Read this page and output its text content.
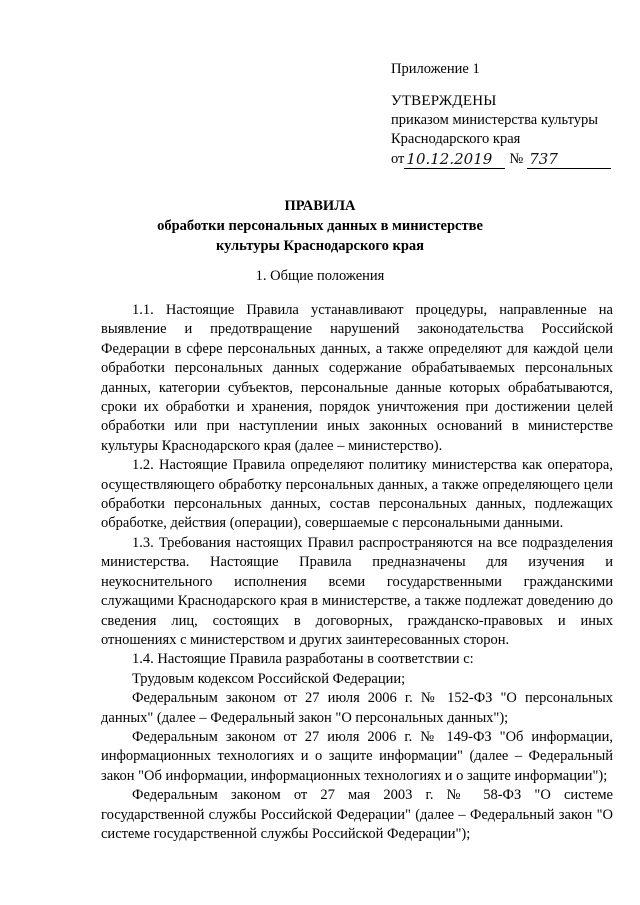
Приложение 1
УТВЕРЖДЕНЫ
приказом министерства культуры
Краснодарского края
от 10.12.2019	№ 737
ПРАВИЛА
обработки персональных данных в министерстве
культуры Краснодарского края
1. Общие положения

1.1. Настоящие Правила устанавливают процедуры, направленные на выявление и предотвращение нарушений законодательства Российской Федерации в сфере персональных данных, а также определяют для каждой цели обработки персональных данных содержание обрабатываемых персональных данных, категории субъектов, персональные данные которых обрабатываются, сроки их обработки и хранения, порядок уничтожения при достижении целей обработки или при наступлении иных законных оснований в министерстве культуры Краснодарского края (далее – министерство).

1.2. Настоящие Правила определяют политику министерства как оператора, осуществляющего обработку персональных данных, а также определяющего цели обработки персональных данных, состав персональных данных, подлежащих обработке, действия (операции), совершаемые с персональными данными.

1.3. Требования настоящих Правил распространяются на все подразделения министерства. Настоящие Правила предназначены для изучения и неукоснительного исполнения всеми государственными гражданскими служащими Краснодарского края в министерстве, а также подлежат доведению до сведения лиц, состоящих в договорных, гражданско-правовых и иных отношениях с министерством и других заинтересованных сторон.

1.4. Настоящие Правила разработаны в соответствии с:

Трудовым кодексом Российской Федерации;

Федеральным законом от 27 июля 2006 г. № 152-ФЗ "О персональных данных" (далее – Федеральный закон "О персональных данных");

Федеральным законом от 27 июля 2006 г. № 149-ФЗ "Об информации, информационных технологиях и о защите информации" (далее – Федеральный закон "Об информации, информационных технологиях и о защите информации");

Федеральным законом от 27 мая 2003 г. № 58-ФЗ "О системе государственной службы Российской Федерации" (далее – Федеральный закон "О системе государственной службы Российской Федерации");
